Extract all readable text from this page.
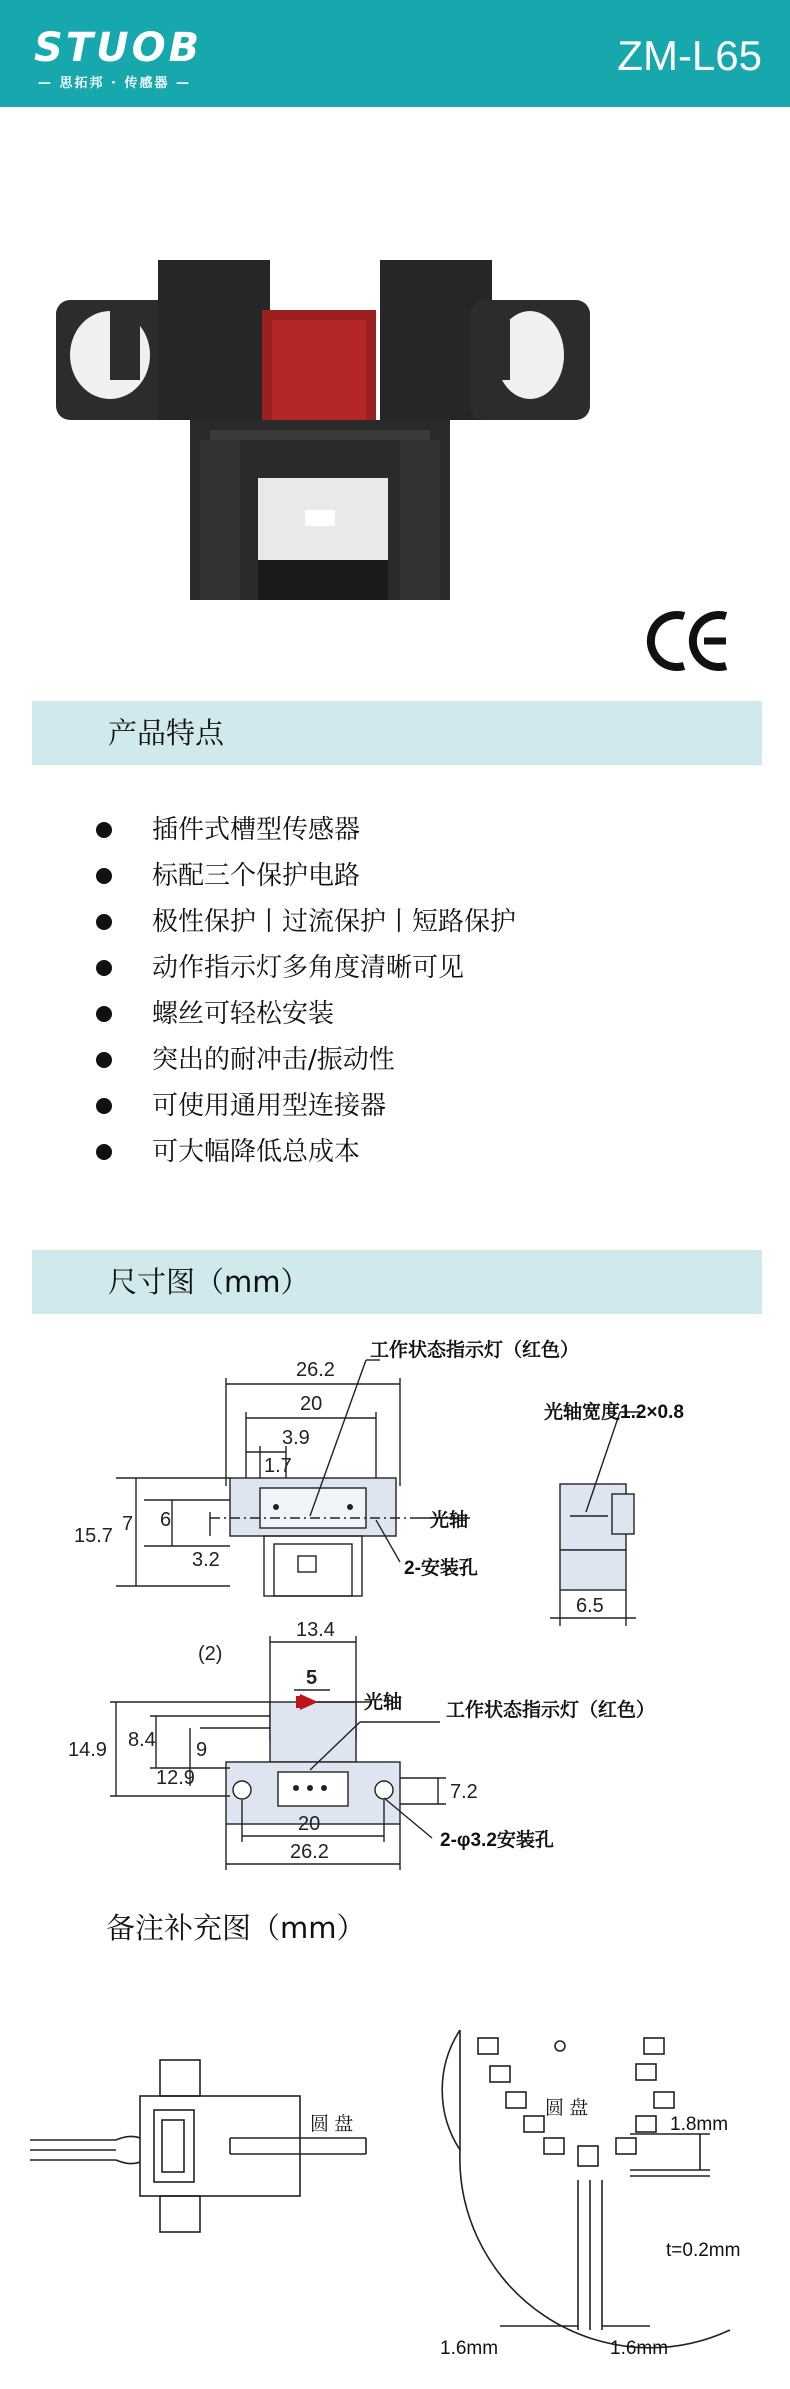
STUOB
— 思拓邦 · 传感器 —
ZM-L65
产品特点
插件式槽型传感器
标配三个保护电路
极性保护丨过流保护丨短路保护
动作指示灯多角度清晰可见
螺丝可轻松安装
突出的耐冲击/振动性
可使用通用型连接器
可大幅降低总成本
尺寸图（mm）
26.2
20
3.9
1.7
15.7
7 6
3.2
6.5
工作状态指示灯（红色）
光轴
2-安装孔
光轴宽度1.2×0.8
13.4
5
(2)
14.9 8.4 9
12.9
7.2
20
26.2
工作状态指示灯（红色）
光轴
2-φ3.2安装孔
备注补充图（mm）
圆 盘
圆 盘
1.8mm
1.6mm	1.6mm
t=0.2mm
